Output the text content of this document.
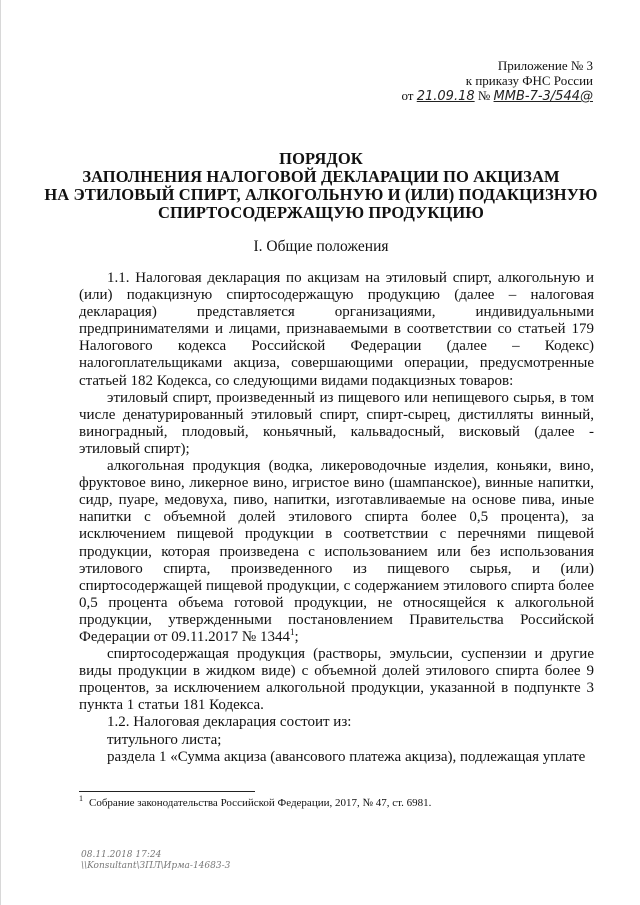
Приложение № 3
к приказу ФНС России
от 21.09.18 № ММВ-7-3/544@
ПОРЯДОК
ЗАПОЛНЕНИЯ НАЛОГОВОЙ ДЕКЛАРАЦИИ ПО АКЦИЗАМ
НА ЭТИЛОВЫЙ СПИРТ, АЛКОГОЛЬНУЮ И (ИЛИ) ПОДАКЦИЗНУЮ
СПИРТОСОДЕРЖАЩУЮ ПРОДУКЦИЮ
I. Общие положения

1.1. Налоговая декларация по акцизам на этиловый спирт, алкогольную и (или) подакцизную спиртосодержащую продукцию (далее – налоговая декларация) представляется организациями, индивидуальными предпринимателями и лицами, признаваемыми в соответствии со статьей 179 Налогового кодекса Российской Федерации (далее – Кодекс) налогоплательщиками акциза, совершающими операции, предусмотренные статьей 182 Кодекса, со следующими видами подакцизных товаров:

этиловый спирт, произведенный из пищевого или непищевого сырья, в том числе денатурированный этиловый спирт, спирт-сырец, дистилляты винный, виноградный, плодовый, коньячный, кальвадосный, висковый (далее - этиловый спирт);

алкогольная продукция (водка, ликероводочные изделия, коньяки, вино, фруктовое вино, ликерное вино, игристое вино (шампанское), винные напитки, сидр, пуаре, медовуха, пиво, напитки, изготавливаемые на основе пива, иные напитки с объемной долей этилового спирта более 0,5 процента), за исключением пищевой продукции в соответствии с перечнями пищевой продукции, которая произведена с использованием или без использования этилового спирта, произведенного из пищевого сырья, и (или) спиртосодержащей пищевой продукции, с содержанием этилового спирта более 0,5 процента объема готовой продукции, не относящейся к алкогольной продукции, утвержденными постановлением Правительства Российской Федерации от 09.11.2017 № 1344$^1$;

спиртосодержащая продукция (растворы, эмульсии, суспензии и другие виды продукции в жидком виде) с объемной долей этилового спирта более 9 процентов, за исключением алкогольной продукции, указанной в подпункте 3 пункта 1 статьи 181 Кодекса.

1.2. Налоговая декларация состоит из:

титульного листа;

раздела 1 «Сумма акциза (авансового платежа акциза), подлежащая уплате

$^1$ Собрание законодательства Российской Федерации, 2017, № 47, ст. 6981.
08.11.2018 17:24
\\Konsultant\ЗПЛ\Ирма-14683-3
